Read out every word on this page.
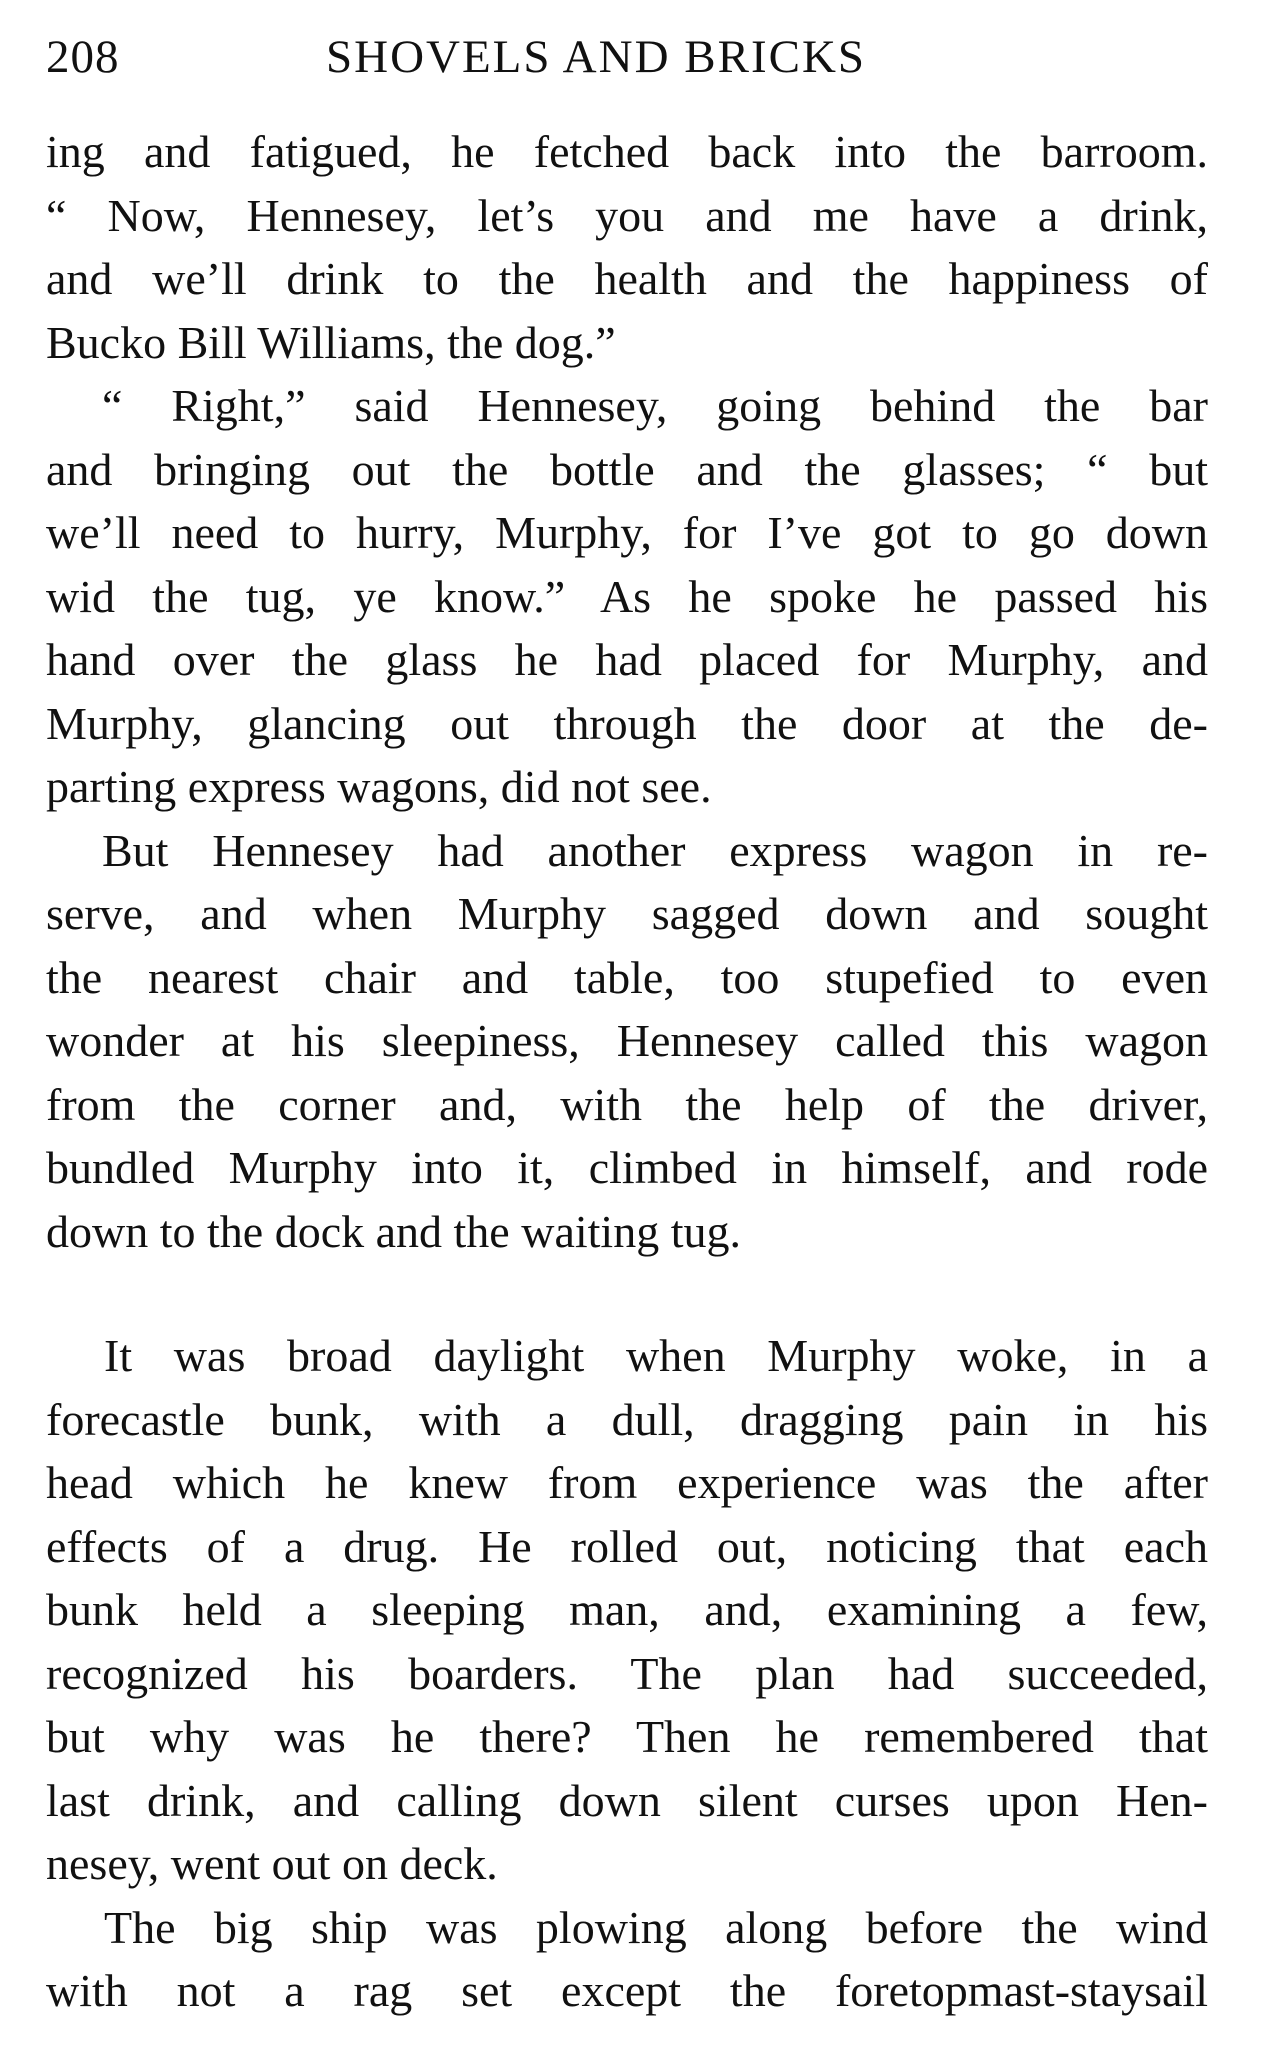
208	SHOVELS AND BRICKS
ing and fatigued, he fetched back into the barroom.
“ Now, Hennesey, let’s you and me have a drink,
and we’ll drink to the health and the happiness of
Bucko Bill Williams, the dog.”
“ Right,” said Hennesey, going behind the bar
and bringing out the bottle and the glasses; “ but
we’ll need to hurry, Murphy, for I’ve got to go down
wid the tug, ye know.” As he spoke he passed his
hand over the glass he had placed for Murphy, and
Murphy, glancing out through the door at the de-
parting express wagons, did not see.
But Hennesey had another express wagon in re-
serve, and when Murphy sagged down and sought
the nearest chair and table, too stupefied to even
wonder at his sleepiness, Hennesey called this wagon
from the corner and, with the help of the driver,
bundled Murphy into it, climbed in himself, and rode
down to the dock and the waiting tug.
It was broad daylight when Murphy woke, in a
forecastle bunk, with a dull, dragging pain in his
head which he knew from experience was the after
effects of a drug. He rolled out, noticing that each
bunk held a sleeping man, and, examining a few,
recognized his boarders. The plan had succeeded,
but why was he there? Then he remembered that
last drink, and calling down silent curses upon Hen-
nesey, went out on deck.
The big ship was plowing along before the wind
with not a rag set except the foretopmast-staysail
